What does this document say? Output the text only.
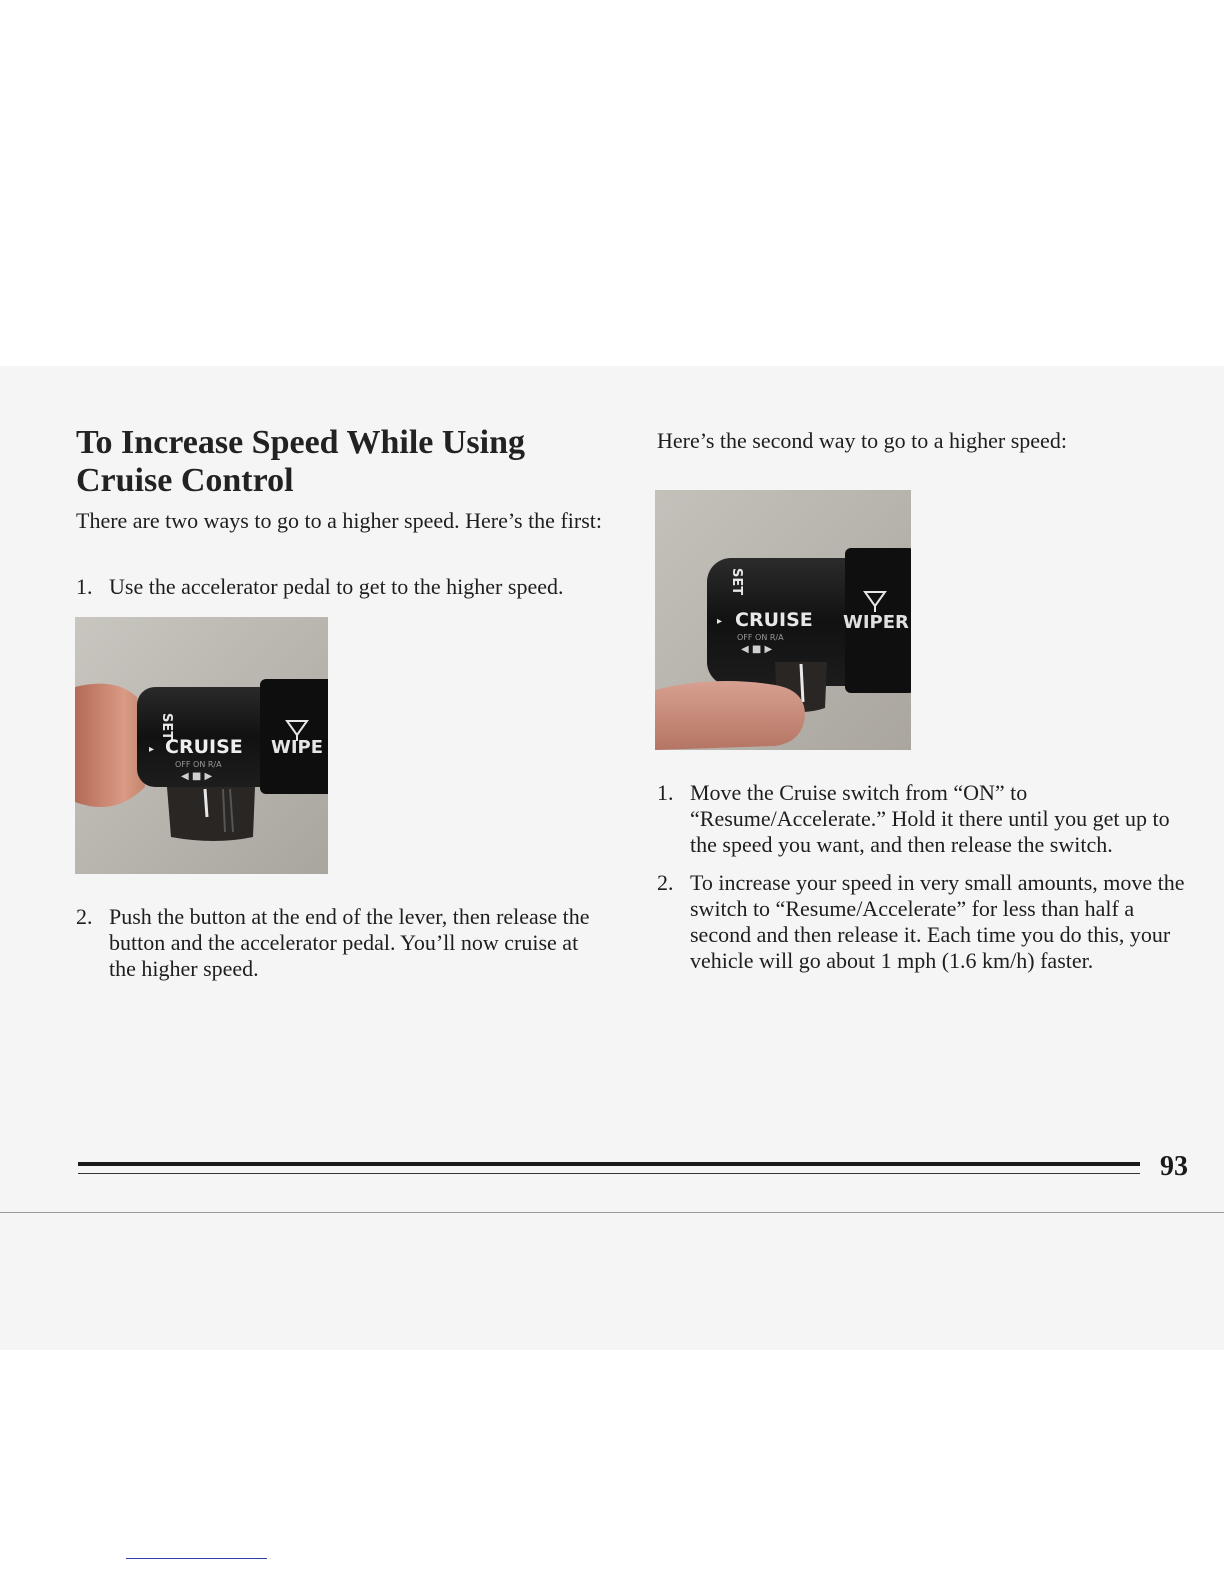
To Increase Speed While Using Cruise Control

There are two ways to go to a higher speed. Here’s the first:

1. Use the accelerator pedal to get to the higher speed.
SET
▸ CRUISE
OFF ON R/A
◀ ■ ▶
WIPE
2. Push the button at the end of the lever, then release the button and the accelerator pedal. You’ll now cruise at the higher speed.

Here’s the second way to go to a higher speed:

SET
▸ CRUISE
OFF ON R/A
◀ ■ ▶
WIPER
1. Move the Cruise switch from “ON” to “Resume/Accelerate.” Hold it there until you get up to the speed you want, and then release the switch.
2. To increase your speed in very small amounts, move the switch to “Resume/Accelerate” for less than half a second and then release it. Each time you do this, your vehicle will go about 1 mph (1.6 km/h) faster.

93
